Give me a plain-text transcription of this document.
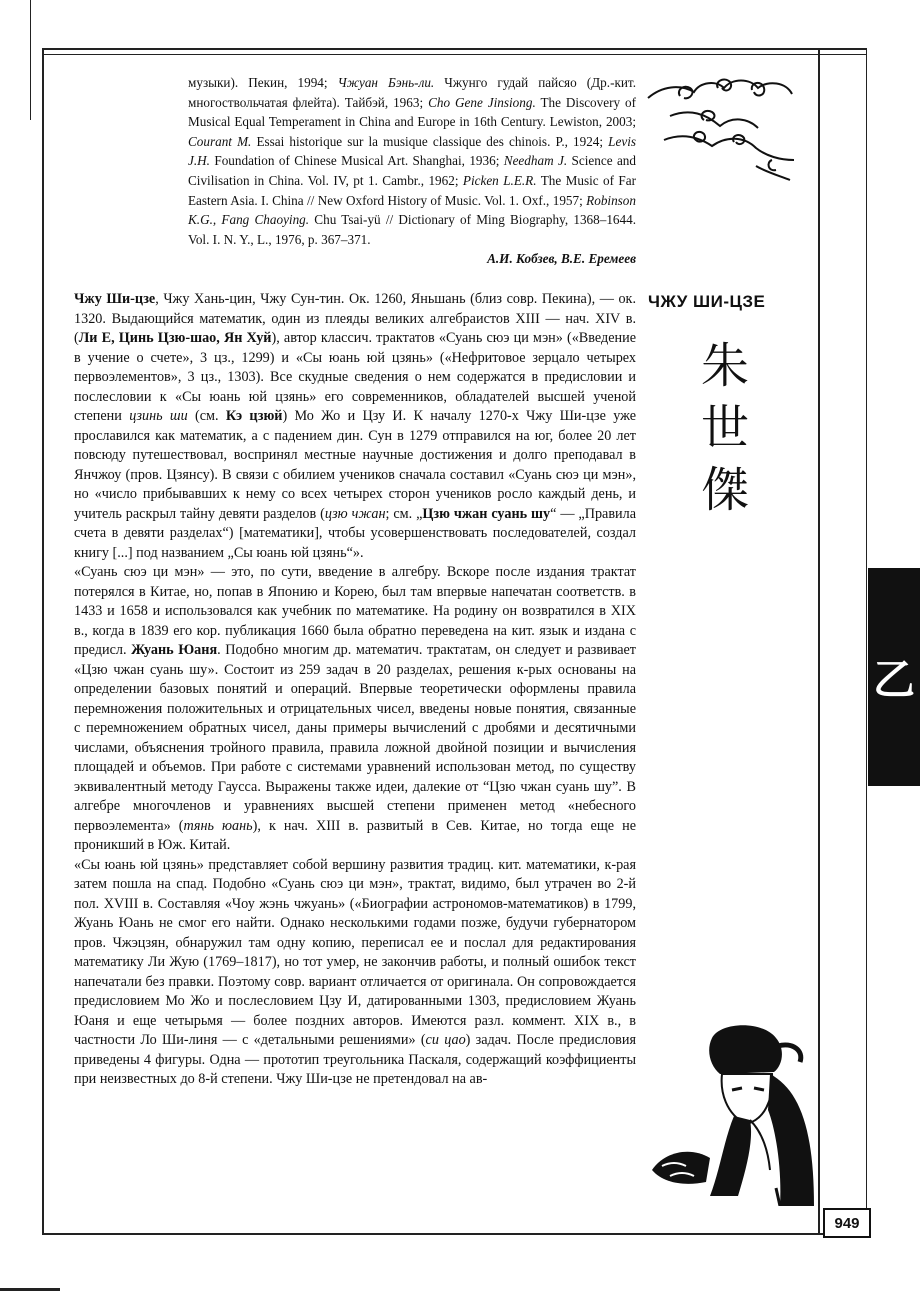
музыки). Пекин, 1994; Чжуан Бэнь-ли. Чжунго гудай пайсяо (Др.-кит. многоствольчатая флейта). Тайбэй, 1963; Cho Gene Jinsiong. The Discovery of Musical Equal Temperament in China and Europe in 16th Century. Lewiston, 2003; Courant M. Essai historique sur la musique classique des chinois. P., 1924; Levis J.H. Foundation of Chinese Musical Art. Shanghai, 1936; Needham J. Science and Civilisation in China. Vol. IV, pt 1. Cambr., 1962; Picken L.E.R. The Music of Far Eastern Asia. I. China // New Oxford History of Music. Vol. 1. Oxf., 1957; Robinson K.G., Fang Chaoying. Chu Tsai-yü // Dictionary of Ming Biography, 1368–1644. Vol. I. N. Y., L., 1976, p. 367–371.
А.И. Кобзев, В.Е. Еремеев
ЧЖУ ШИ-ЦЗЕ
朱
世
傑
乙

Чжу Ши-цзе, Чжу Хань-цин, Чжу Сун-тин. Ок. 1260, Яньшань (близ совр. Пекина), — ок. 1320. Выдающийся математик, один из плеяды великих алгебраистов XIII — нач. XIV в. (Ли Е, Цинь Цзю-шао, Ян Хуй), автор классич. трактатов «Суань сюэ ци мэн» («Введение в учение о счете», 3 цз., 1299) и «Сы юань юй цзянь» («Нефритовое зерцало четырех первоэлементов», 3 цз., 1303). Все скудные сведения о нем содержатся в предисловии и послесловии к «Сы юань юй цзянь» его современников, обладателей высшей ученой степени цзинь ши (см. Кэ цзюй) Мо Жо и Цзу И. К началу 1270-х Чжу Ши-цзе уже прославился как математик, а с падением дин. Сун в 1279 отправился на юг, более 20 лет повсюду путешествовал, воспринял местные научные достижения и долго преподавал в Янчжоу (пров. Цзянсу). В связи с обилием учеников сначала составил «Суань сюэ ци мэн», но «число прибывавших к нему со всех четырех сторон учеников росло каждый день, и учитель раскрыл тайну девяти разделов (цзю чжан; см. „Цзю чжан суань шу“ — „Правила счета в девяти разделах“) [математики], чтобы усовершенствовать последователей, создал книгу [...] под названием „Сы юань юй цзянь“».

«Суань сюэ ци мэн» — это, по сути, введение в алгебру. Вскоре после издания трактат потерялся в Китае, но, попав в Японию и Корею, был там впервые напечатан соответств. в 1433 и 1658 и использовался как учебник по математике. На родину он возвратился в XIX в., когда в 1839 его кор. публикация 1660 была обратно переведена на кит. язык и издана с предисл. Жуань Юаня. Подобно многим др. математич. трактатам, он следует и развивает «Цзю чжан суань шу». Состоит из 259 задач в 20 разделах, решения к-рых основаны на определении базовых понятий и операций. Впервые теоретически оформлены правила перемножения положительных и отрицательных чисел, введены новые понятия, связанные с перемножением обратных чисел, даны примеры вычислений с дробями и десятичными числами, объяснения тройного правила, правила ложной двойной позиции и вычисления площадей и объемов. При работе с системами уравнений использован метод, по существу эквивалентный методу Гаусса. Выражены также идеи, далекие от “Цзю чжан суань шу”. В алгебре многочленов и уравнениях высшей степени применен метод «небесного первоэлемента» (тянь юань), к нач. XIII в. развитый в Сев. Китае, но тогда еще не проникший в Юж. Китай.

«Сы юань юй цзянь» представляет собой вершину развития традиц. кит. математики, к-рая затем пошла на спад. Подобно «Суань сюэ ци мэн», трактат, видимо, был утрачен во 2-й пол. XVIII в. Составляя «Чоу жэнь чжуань» («Биографии астрономов-математиков) в 1799, Жуань Юань не смог его найти. Однако несколькими годами позже, будучи губернатором пров. Чжэцзян, обнаружил там одну копию, переписал ее и послал для редактирования математику Ли Жую (1769–1817), но тот умер, не закончив работы, и полный ошибок текст напечатали без правки. Поэтому совр. вариант отличается от оригинала. Он сопровождается предисловием Мо Жо и послесловием Цзу И, датированными 1303, предисловием Жуань Юаня и еще четырьмя — более поздних авторов. Имеются разл. коммент. XIX в., в частности Ло Ши-линя — с «детальными решениями» (си цао) задач. После предисловия приведены 4 фигуры. Одна — прототип треугольника Паскаля, содержащий коэффициенты при неизвестных до 8-й степени. Чжу Ши-цзе не претендовал на ав-

949
